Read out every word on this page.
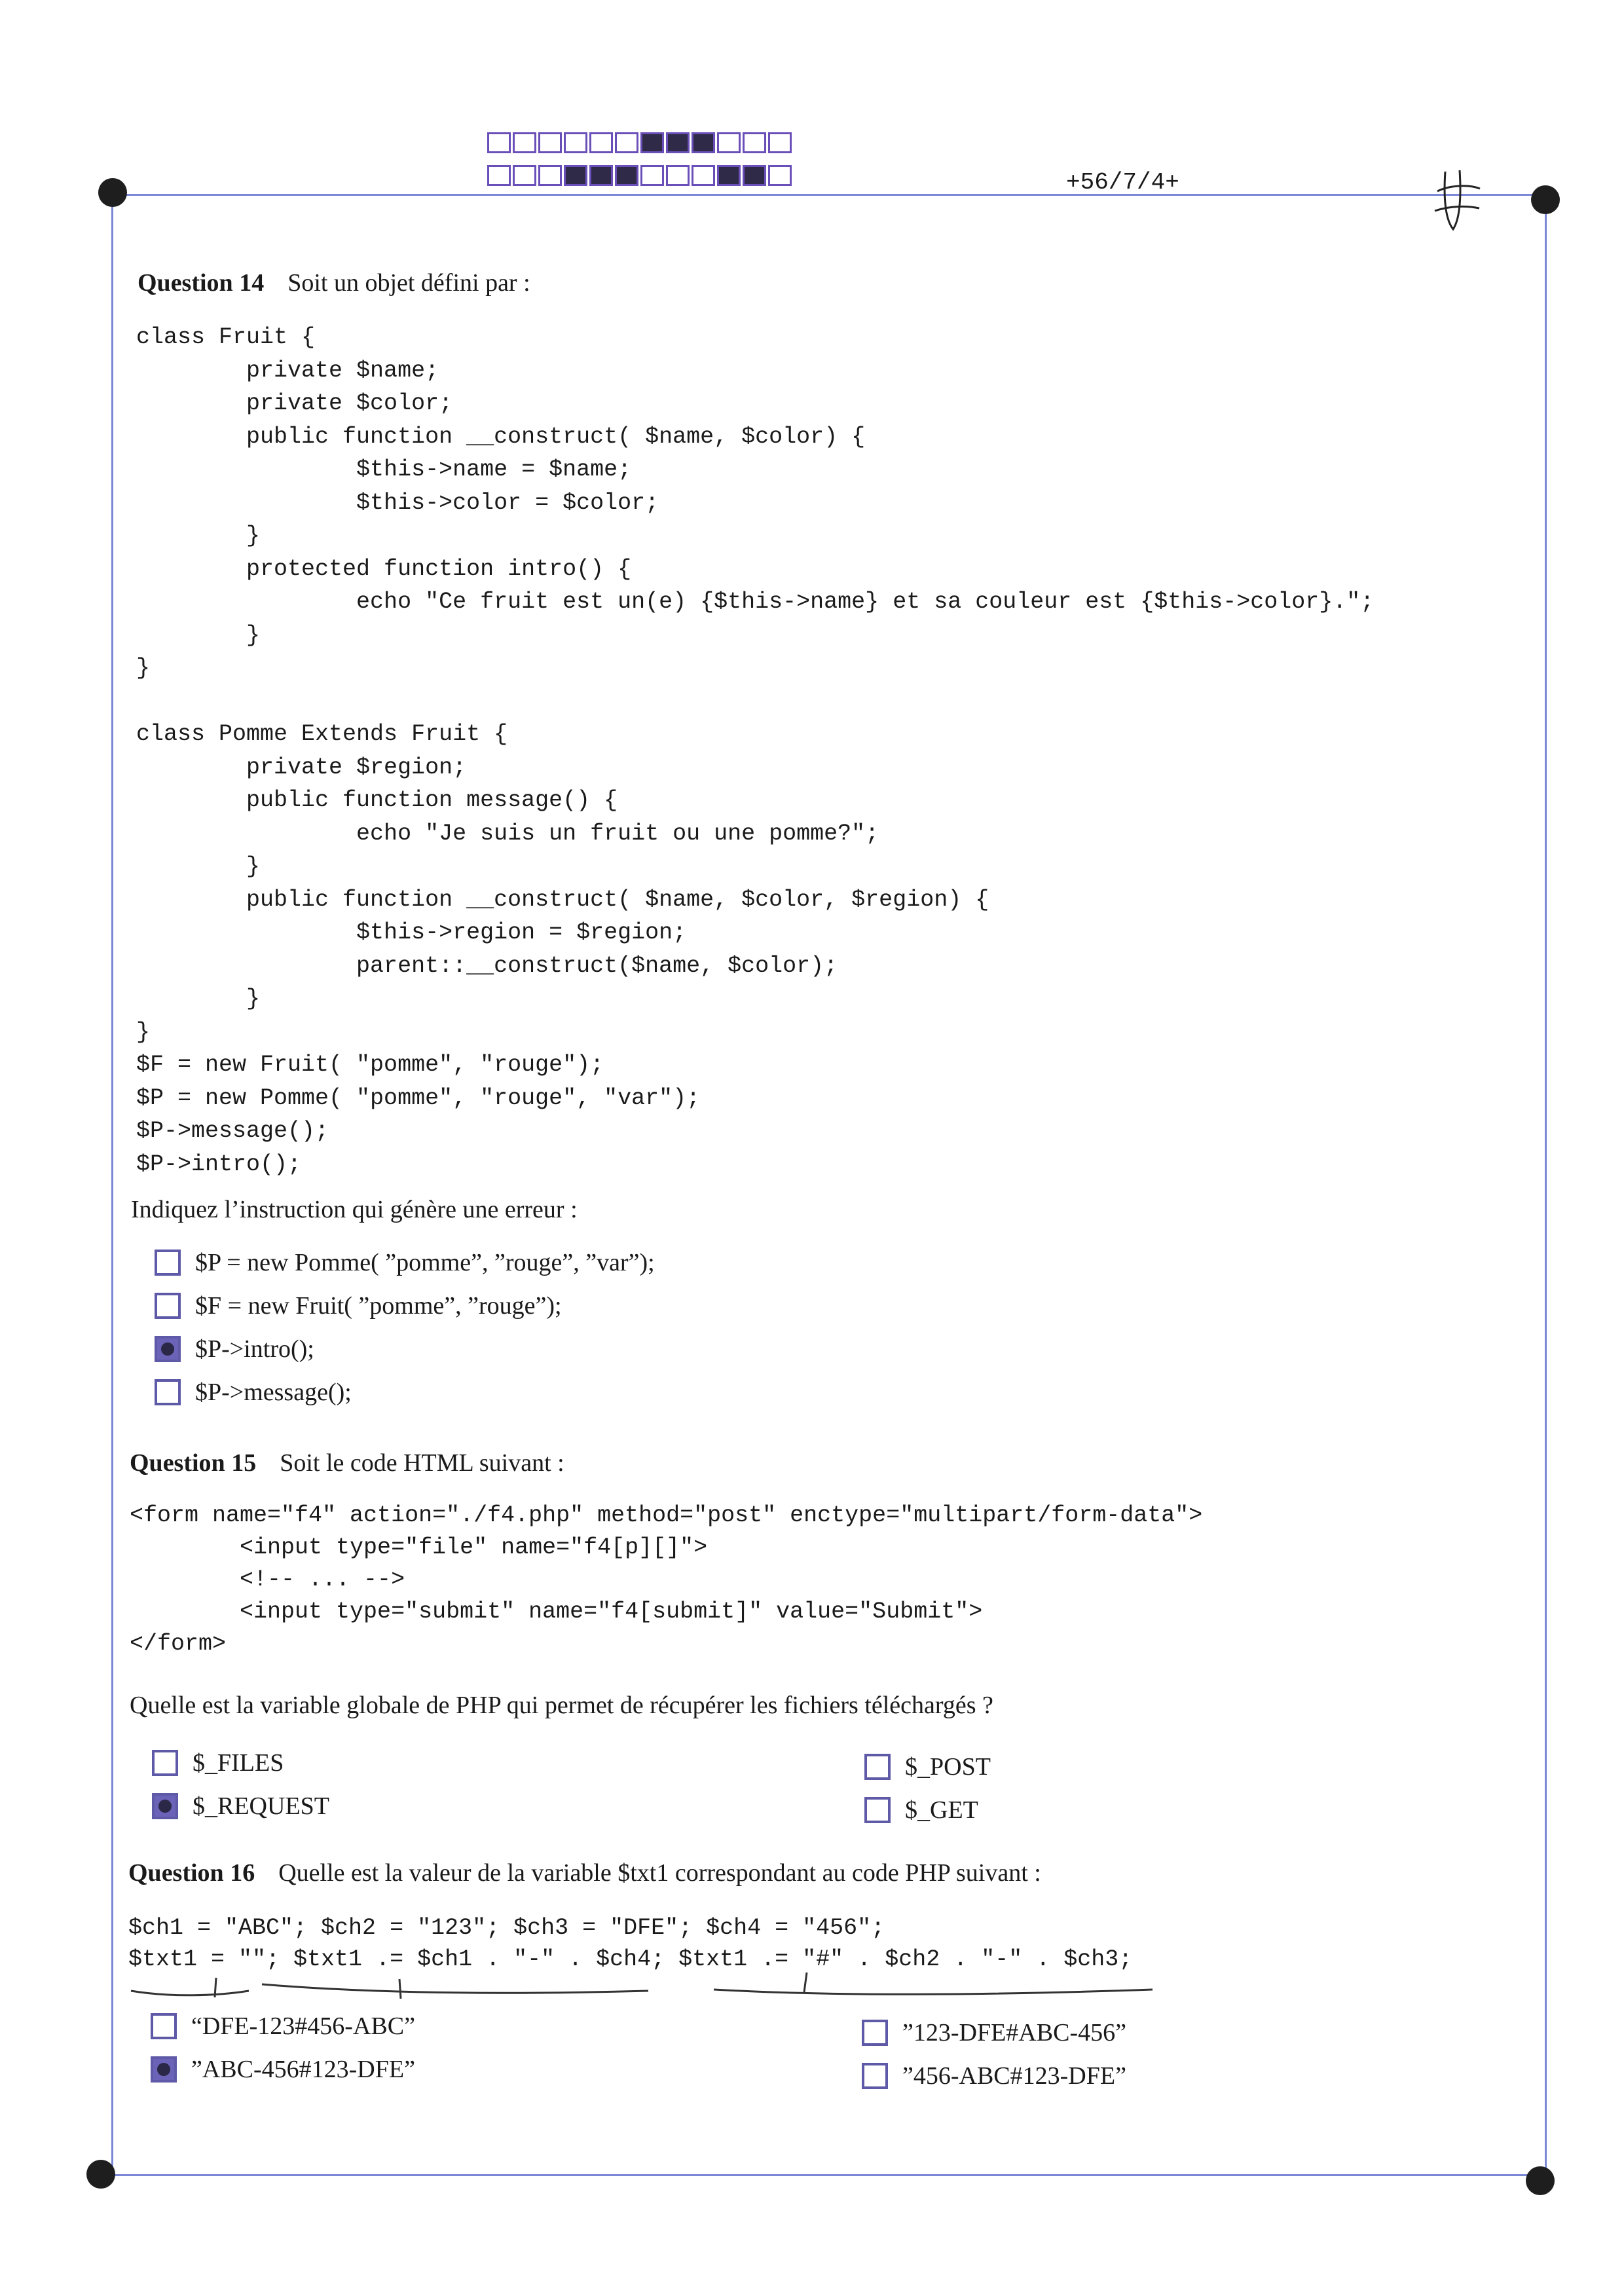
+56/7/4+
Question 14 Soit un objet défini par :
class Fruit {
private $name;
private $color;
public function __construct( $name, $color) {
$this->name = $name;
$this->color = $color;
}
protected function intro() {
echo "Ce fruit est un(e) {$this->name} et sa couleur est {$this->color}.";
}
}

class Pomme Extends Fruit {
private $region;
public function message() {
echo "Je suis un fruit ou une pomme?";
}
public function __construct( $name, $color, $region) {
$this->region = $region;
parent::__construct($name, $color);
}
}
$F = new Fruit( "pomme", "rouge");
$P = new Pomme( "pomme", "rouge", "var");
$P->message();
$P->intro();
Indiquez l’instruction qui génère une erreur :
$P = new Pomme( ”pomme”, ”rouge”, ”var”);
$F = new Fruit( ”pomme”, ”rouge”);
$P->intro();
$P->message();
Question 15 Soit le code HTML suivant :
<form name="f4" action="./f4.php" method="post" enctype="multipart/form-data">
<input type="file" name="f4[p][]">
<!-- ... -->
<input type="submit" name="f4[submit]" value="Submit">
</form>
Quelle est la variable globale de PHP qui permet de récupérer les fichiers téléchargés ?
$_FILES
$_REQUEST
$_POST
$_GET
Question 16 Quelle est la valeur de la variable $txt1 correspondant au code PHP suivant :
$ch1 = "ABC"; $ch2 = "123"; $ch3 = "DFE"; $ch4 = "456";
$txt1 = ""; $txt1 .= $ch1 . "-" . $ch4; $txt1 .= "#" . $ch2 . "-" . $ch3;
“DFE-123#456-ABC”
”ABC-456#123-DFE”
”123-DFE#ABC-456”
”456-ABC#123-DFE”
